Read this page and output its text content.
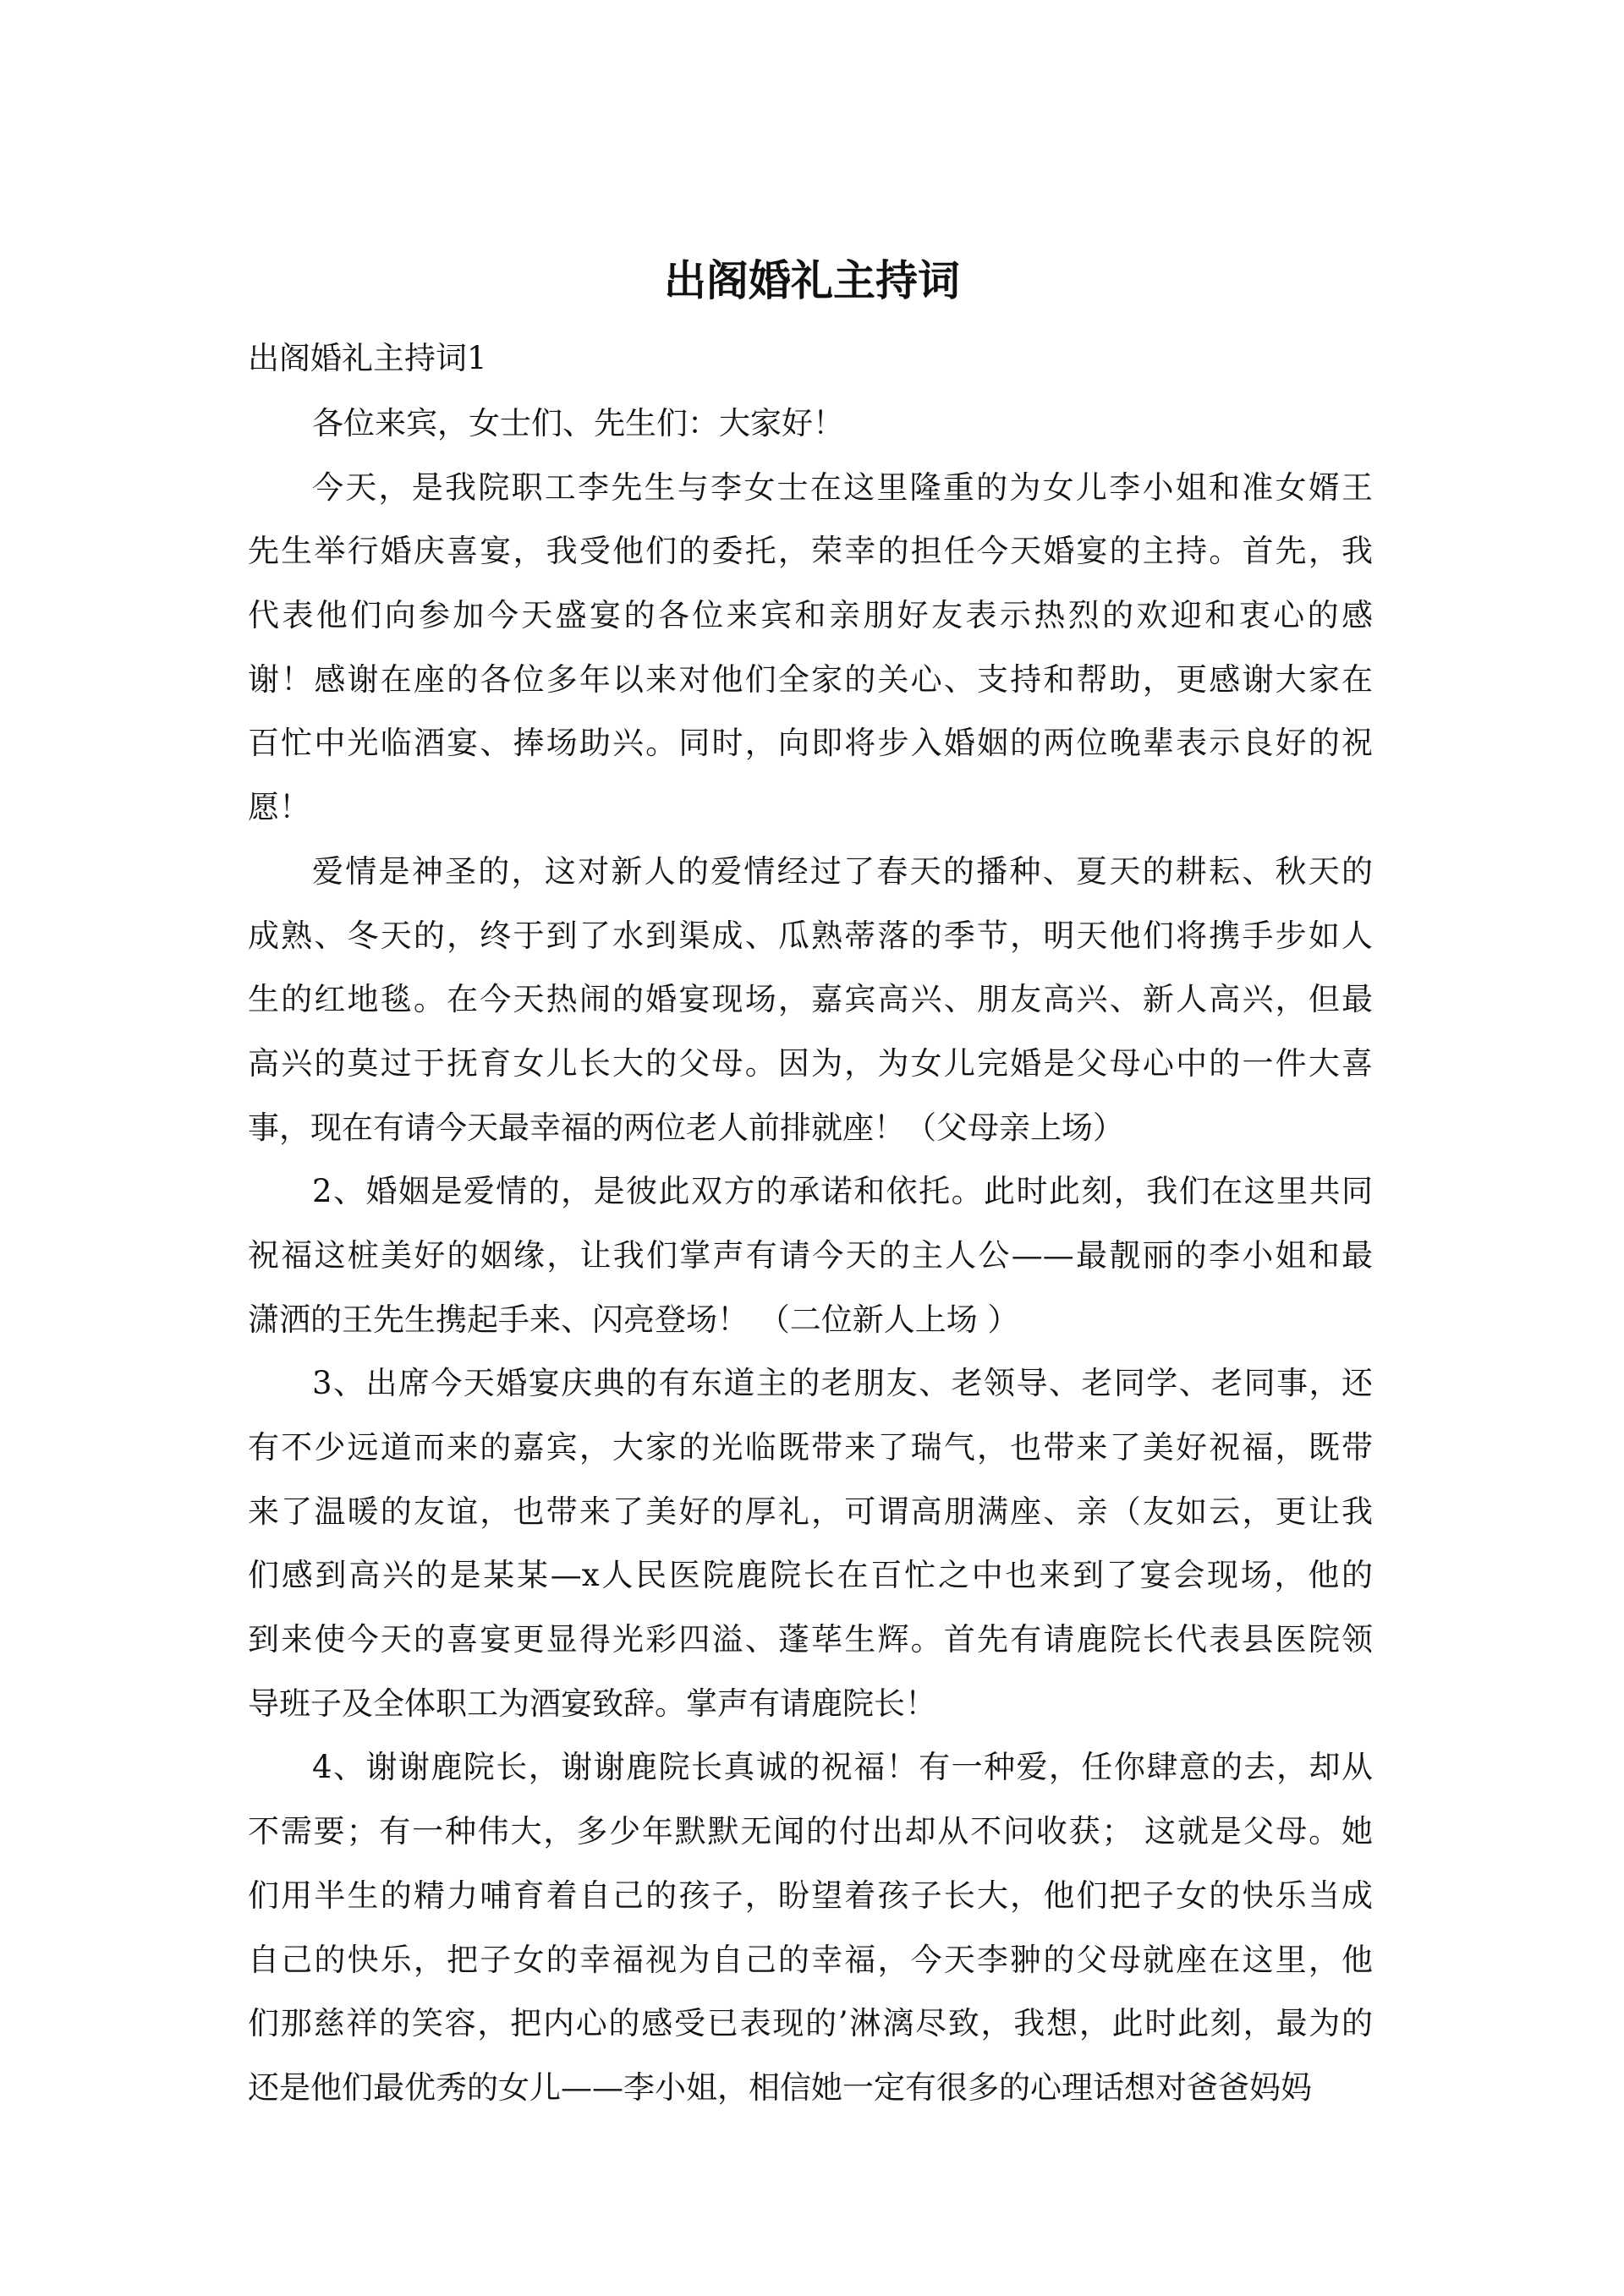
出阁婚礼主持词
出阁婚礼主持词1
各位来宾，女士们、先生们：大家好！
今天，是我院职工李先生与李女士在这里隆重的为女儿李小姐和准女婿王
先生举行婚庆喜宴，我受他们的委托，荣幸的担任今天婚宴的主持。首先，我
代表他们向参加今天盛宴的各位来宾和亲朋好友表示热烈的欢迎和衷心的感
谢！感谢在座的各位多年以来对他们全家的关心、支持和帮助，更感谢大家在
百忙中光临酒宴、捧场助兴。同时，向即将步入婚姻的两位晚辈表示良好的祝
愿！
爱情是神圣的，这对新人的爱情经过了春天的播种、夏天的耕耘、秋天的
成熟、冬天的，终于到了水到渠成、瓜熟蒂落的季节，明天他们将携手步如人
生的红地毯。在今天热闹的婚宴现场，嘉宾高兴、朋友高兴、新人高兴，但最
高兴的莫过于抚育女儿长大的父母。因为，为女儿完婚是父母心中的一件大喜
事，现在有请今天最幸福的两位老人前排就座！（父母亲上场）
2、婚姻是爱情的，是彼此双方的承诺和依托。此时此刻，我们在这里共同
祝福这桩美好的姻缘，让我们掌声有请今天的主人公——最靓丽的李小姐和最
潇洒的王先生携起手来、闪亮登场！ （二位新人上场 ）
3、出席今天婚宴庆典的有东道主的老朋友、老领导、老同学、老同事，还
有不少远道而来的嘉宾，大家的光临既带来了瑞气，也带来了美好祝福，既带
来了温暖的友谊，也带来了美好的厚礼，可谓高朋满座、亲（友如云，更让我
们感到高兴的是某某—x人民医院鹿院长在百忙之中也来到了宴会现场，他的
到来使今天的喜宴更显得光彩四溢、蓬荜生辉。首先有请鹿院长代表县医院领
导班子及全体职工为酒宴致辞。掌声有请鹿院长！
4、谢谢鹿院长，谢谢鹿院长真诚的祝福！有一种爱，任你肆意的去，却从
不需要；有一种伟大，多少年默默无闻的付出却从不问收获； 这就是父母。她
们用半生的精力哺育着自己的孩子，盼望着孩子长大，他们把子女的快乐当成
自己的快乐，把子女的幸福视为自己的幸福，今天李翀的父母就座在这里，他
们那慈祥的笑容，把内心的感受已表现的’淋漓尽致，我想，此时此刻，最为的
还是他们最优秀的女儿——李小姐，相信她一定有很多的心理话想对爸爸妈妈
